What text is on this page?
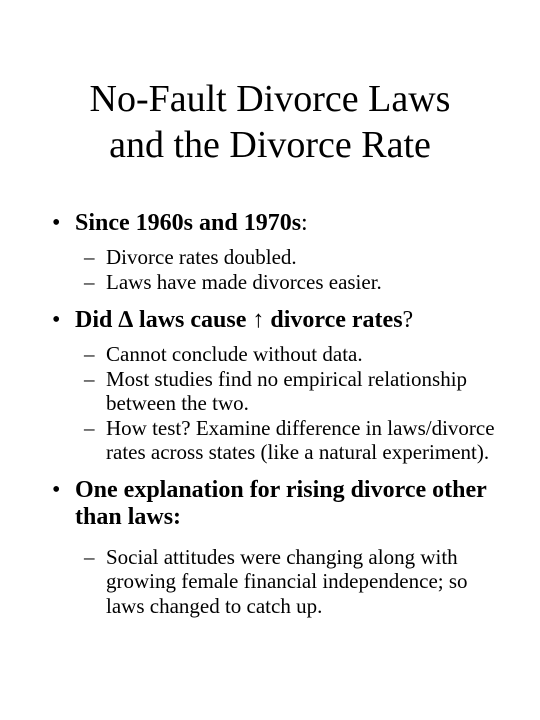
No-Fault Divorce Laws
and the Divorce Rate
• Since 1960s and 1970s:
– Divorce rates doubled.
– Laws have made divorces easier.
• Did ∆ laws cause ↑ divorce rates?
– Cannot conclude without data.
– Most studies find no empirical relationship between the two.
– How test? Examine difference in laws/divorce rates across states (like a natural experiment).
• One explanation for rising divorce other than laws:
– Social attitudes were changing along with growing female financial independence; so laws changed to catch up.
